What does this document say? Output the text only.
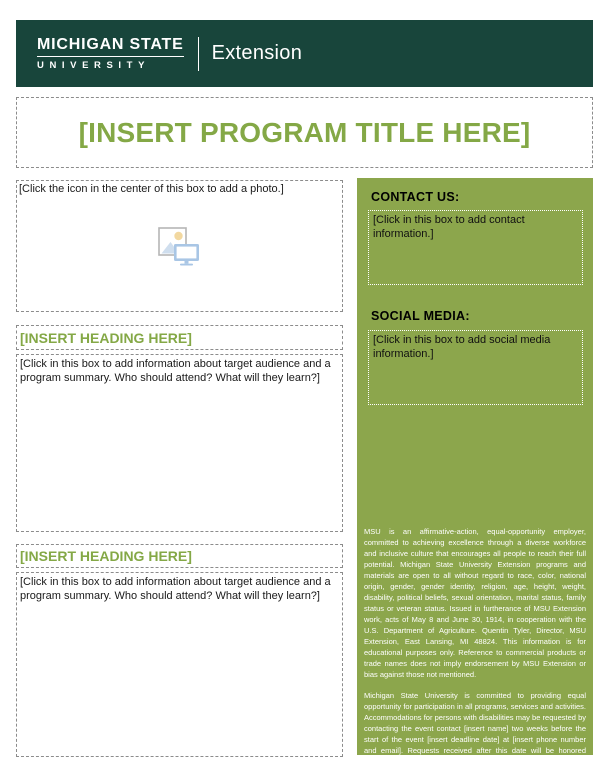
MICHIGAN STATE
UNIVERSITY
Extension
[INSERT PROGRAM TITLE HERE]

[Click the icon in the center of this box to add a photo.]

[INSERT HEADING HERE]

[Click in this box to add information about target audience and a program summary. Who should attend? What will they learn?]

[INSERT HEADING HERE]

[Click in this box to add information about target audience and a program summary. Who should attend? What will they learn?]

CONTACT US:

[Click in this box to add contact information.]

SOCIAL MEDIA:

[Click in this box to add social media information.]

MSU is an affirmative-action, equal-opportunity employer, committed to achieving excellence through a diverse workforce and inclusive culture that encourages all people to reach their full potential. Michigan State University Extension programs and materials are open to all without regard to race, color, national origin, gender, gender identity, religion, age, height, weight, disability, political beliefs, sexual orientation, marital status, family status or veteran status. Issued in furtherance of MSU Extension work, acts of May 8 and June 30, 1914, in cooperation with the U.S. Department of Agriculture. Quentin Tyler, Director, MSU Extension, East Lansing, MI 48824. This information is for educational purposes only. Reference to commercial products or trade names does not imply endorsement by MSU Extension or bias against those not mentioned.

Michigan State University is committed to providing equal opportunity for participation in all programs, services and activities. Accommodations for persons with disabilities may be requested by contacting the event contact [insert name] two weeks before the start of the event [insert deadline date] at [insert phone number and email]. Requests received after this date will be honored whenever possible.
